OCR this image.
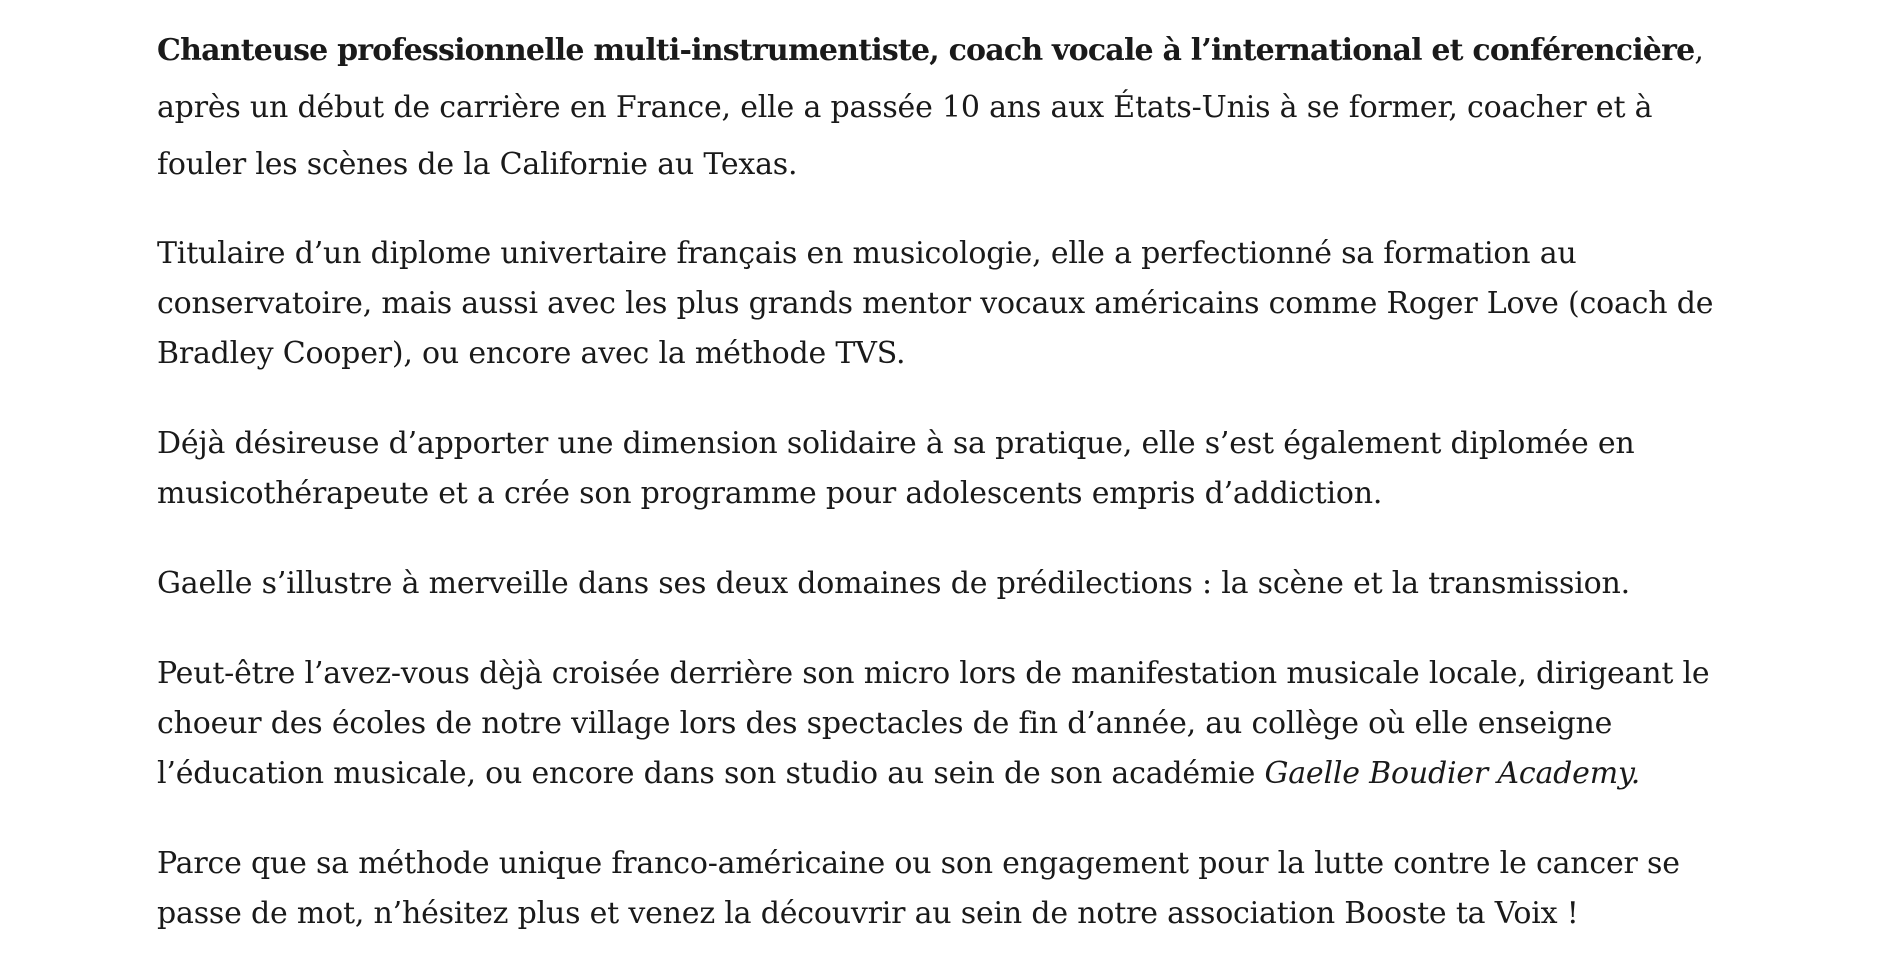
Chanteuse professionnelle multi-instrumentiste, coach vocale à l’international et conférencière, après un début de carrière en France, elle a passée 10 ans aux États-Unis à se former, coacher et à fouler les scènes de la Californie au Texas.

Titulaire d’un diplome univertaire français en musicologie, elle a perfectionné sa formation au conservatoire, mais aussi avec les plus grands mentor vocaux américains comme Roger Love (coach de Bradley Cooper), ou encore avec la méthode TVS.

Déjà désireuse d’apporter une dimension solidaire à sa pratique, elle s’est également diplomée en musicothérapeute et a crée son programme pour adolescents empris d’addiction.

Gaelle s’illustre à merveille dans ses deux domaines de prédilections : la scène et la transmission.

Peut-être l’avez-vous dèjà croisée derrière son micro lors de manifestation musicale locale, dirigeant le choeur des écoles de notre village lors des spectacles de fin d’année, au collège où elle enseigne l’éducation musicale, ou encore dans son studio au sein de son académie Gaelle Boudier Academy.

Parce que sa méthode unique franco-américaine ou son engagement pour la lutte contre le cancer se passe de mot, n’hésitez plus et venez la découvrir au sein de notre association Booste ta Voix !
